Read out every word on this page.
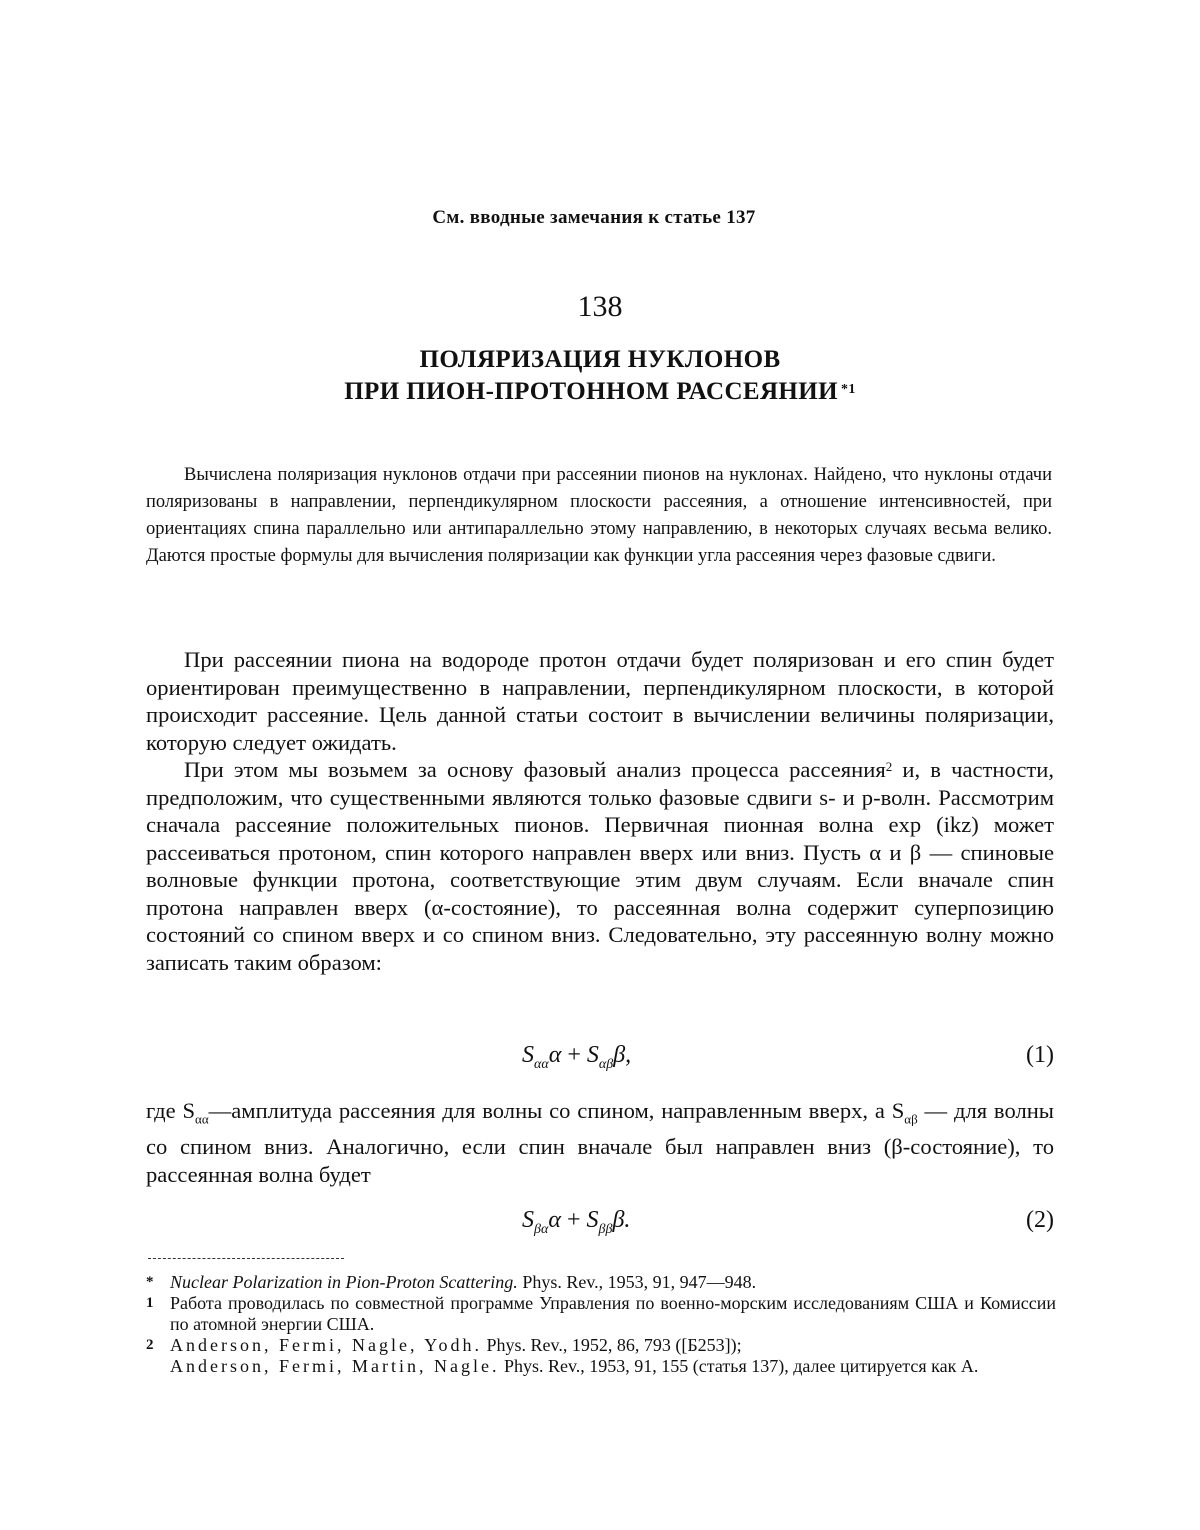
См. вводные замечания к статье 137
138
ПОЛЯРИЗАЦИЯ НУКЛОНОВ
ПРИ ПИОН-ПРОТОННОМ РАССЕЯНИИ $^{*1}$

Вычислена поляризация нуклонов отдачи при рассеянии пионов на нуклонах. Найдено, что нуклоны отдачи поляризованы в направлении, перпендикулярном плоскости рассеяния, а отношение интенсивностей, при ориентациях спина параллельно или антипараллельно этому направлению, в некоторых случаях весьма велико. Даются простые формулы для вычисления поляризации как функции угла рассеяния через фазовые сдвиги.

При рассеянии пиона на водороде протон отдачи будет поляризован и его спин будет ориентирован преимущественно в направлении, перпендикулярном плоскости, в которой происходит рассеяние. Цель данной статьи состоит в вычислении величины поляризации, которую следует ожидать.

При этом мы возьмем за основу фазовый анализ процесса рассеяния$^2$ и, в частности, предположим, что существенными являются только фазовые сдвиги s- и p-волн. Рассмотрим сначала рассеяние положительных пионов. Первичная пионная волна exp (ikz) может рассеиваться протоном, спин которого направлен вверх или вниз. Пусть α и β — спиновые волновые функции протона, соответствующие этим двум случаям. Если вначале спин протона направлен вверх (α-состояние), то рассеянная волна содержит суперпозицию состояний со спином вверх и со спином вниз. Следовательно, эту рассеянную волну можно записать таким образом:

$S_{\alpha\alpha}\alpha + S_{\alpha\beta}\beta$,	(1)

где $S_{\alpha\alpha}—амплитуда$ рассеяния для волны со спином, направленным вверх, а $S_{\alpha\beta}$ — для волны со спином вниз. Аналогично, если спин вначале был направлен вниз (β-состояние), то рассеянная волна будет

$S_{\beta\alpha}\alpha + S_{\beta\beta}\beta$.	(2)
* Nuclear Polarization in Pion-Proton Scattering. Phys. Rev., 1953, 91, 947—948.
1 Работа проводилась по совместной программе Управления по военно-морским исследованиям США и Комиссии по атомной энергии США.
2 Anderson, Fermi, Nagle, Yodh. Phys. Rev., 1952, 86, 793 ([Б253]);
Anderson, Fermi, Martin, Nagle. Phys. Rev., 1953, 91, 155 (статья 137), далее цитируется как А.
